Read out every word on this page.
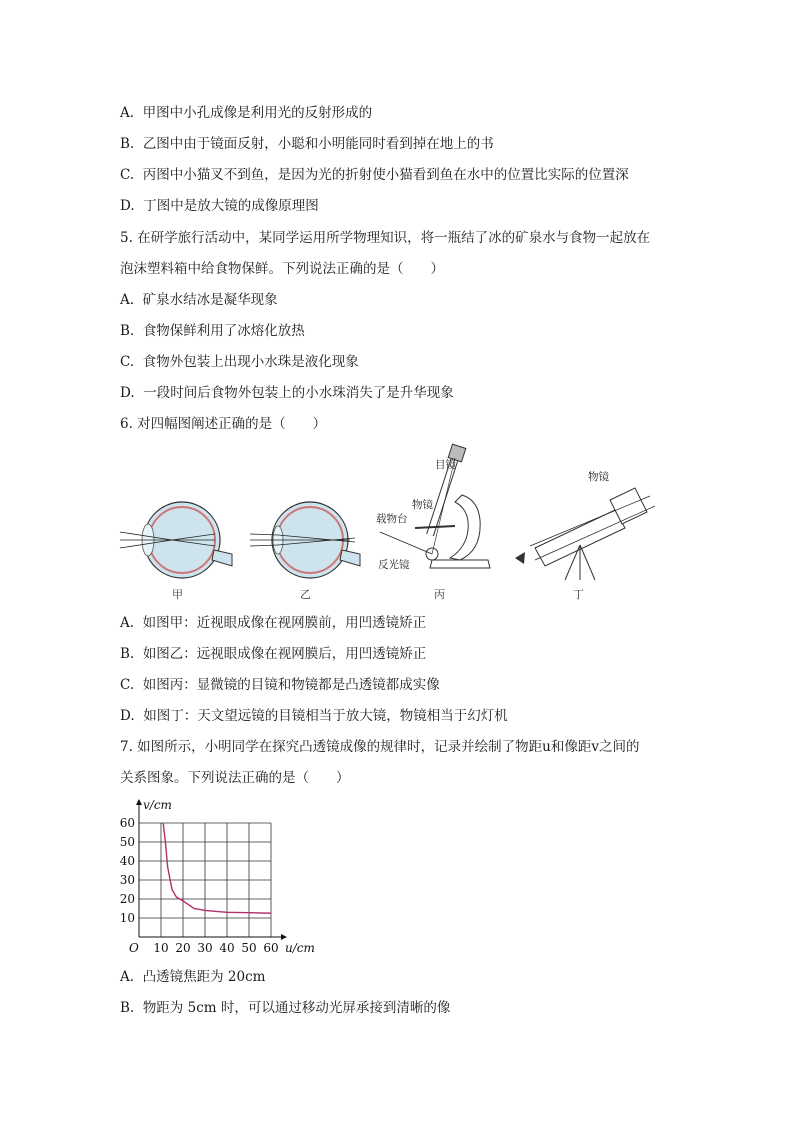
A. 甲图中小孔成像是利用光的反射形成的
B. 乙图中由于镜面反射，小聪和小明能同时看到掉在地上的书
C. 丙图中小猫叉不到鱼，是因为光的折射使小猫看到鱼在水中的位置比实际的位置深
D. 丁图中是放大镜的成像原理图
5. 在研学旅行活动中，某同学运用所学物理知识，将一瓶结了冰的矿泉水与食物一起放在
泡沫塑料箱中给食物保鲜。下列说法正确的是（　　）
A. 矿泉水结冰是凝华现象
B. 食物保鲜利用了冰熔化放热
C. 食物外包装上出现小水珠是液化现象
D. 一段时间后食物外包装上的小水珠消失了是升华现象
6. 对四幅图阐述正确的是（　　）
甲	乙
目镜
物镜
载物台
反光镜
丙
物镜
丁
A. 如图甲：近视眼成像在视网膜前，用凹透镜矫正
B. 如图乙：远视眼成像在视网膜后，用凹透镜矫正
C. 如图丙：显微镜的目镜和物镜都是凸透镜都成实像
D. 如图丁：天文望远镜的目镜相当于放大镜，物镜相当于幻灯机
7. 如图所示，小明同学在探究凸透镜成像的规律时，记录并绘制了物距u和像距v之间的
关系图象。下列说法正确的是（　　）
v/cm
u/cm
O 10 20 30 40 50 60
10
20
30
40
50
60
A. 凸透镜焦距为 20cm
B. 物距为 5cm 时，可以通过移动光屏承接到清晰的像
